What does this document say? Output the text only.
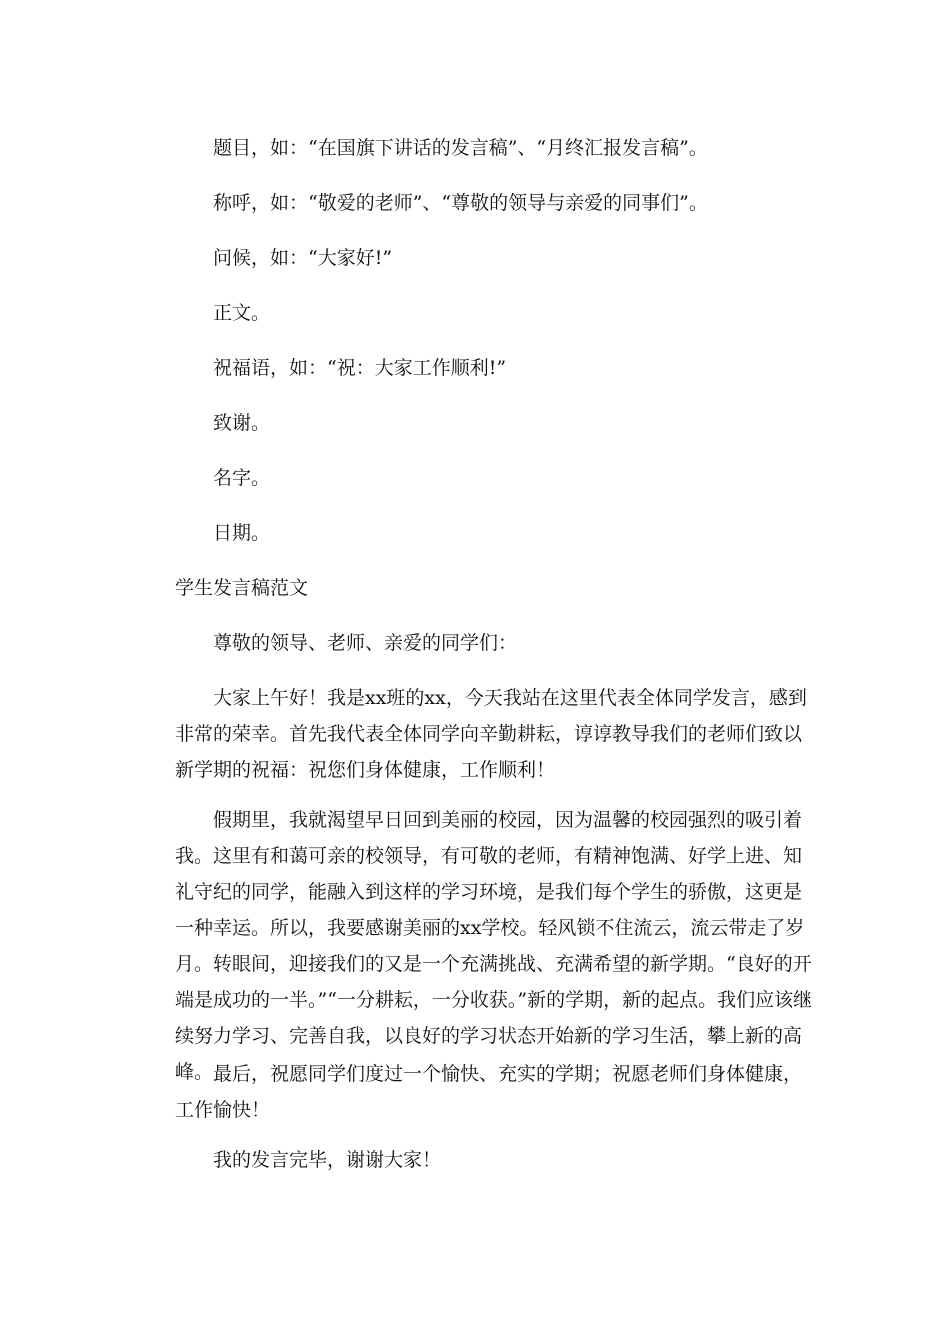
题目，如：“在国旗下讲话的发言稿”、“月终汇报发言稿”。

称呼，如：“敬爱的老师”、“尊敬的领导与亲爱的同事们”。

问候，如：“大家好!”

正文。

祝福语，如：“祝：大家工作顺利!”

致谢。

名字。

日期。

学生发言稿范文

尊敬的领导、老师、亲爱的同学们：

大家上午好！我是xx班的xx，今天我站在这里代表全体同学发言，感到非常的荣幸。首先我代表全体同学向辛勤耕耘，谆谆教导我们的老师们致以新学期的祝福：祝您们身体健康，工作顺利！

假期里，我就渴望早日回到美丽的校园，因为温馨的校园强烈的吸引着我。这里有和蔼可亲的校领导，有可敬的老师，有精神饱满、好学上进、知礼守纪的同学，能融入到这样的学习环境，是我们每个学生的骄傲，这更是一种幸运。所以，我要感谢美丽的xx学校。轻风锁不住流云，流云带走了岁月。转眼间，迎接我们的又是一个充满挑战、充满希望的新学期。“良好的开端是成功的一半。”“一分耕耘，一分收获。”新的学期，新的起点。我们应该继续努力学习、完善自我，以良好的学习状态开始新的学习生活，攀上新的高峰。 最后，祝愿同学们度过一个愉快、充实的学期；祝愿老师们身体健康，工作愉快！

我的发言完毕，谢谢大家！
